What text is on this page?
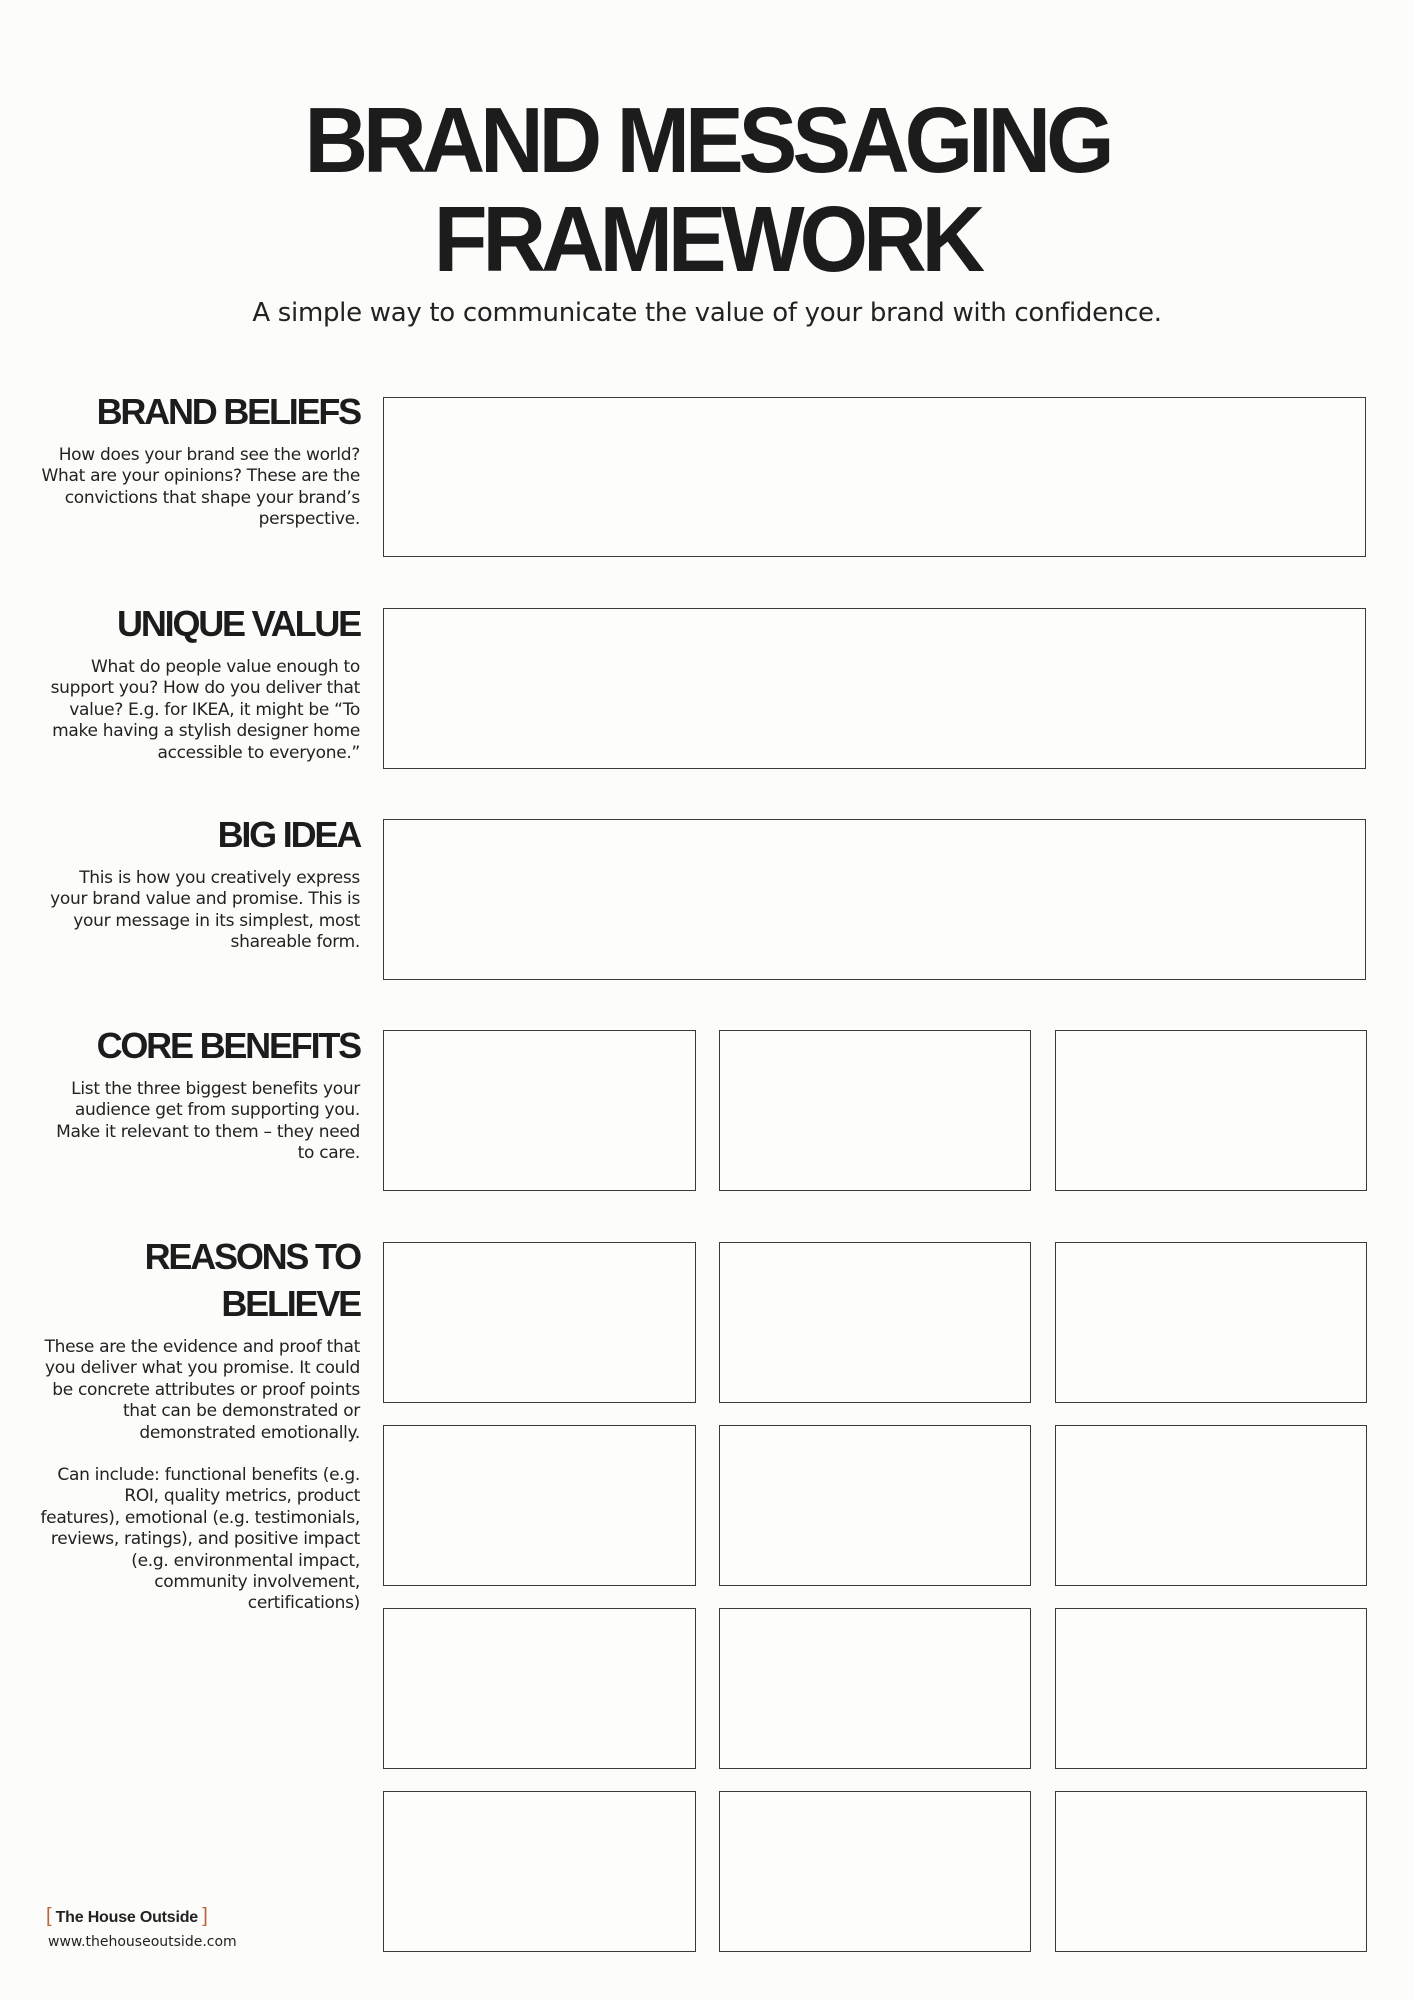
BRAND MESSAGING
FRAMEWORK
A simple way to communicate the value of your brand with confidence.
BRAND BELIEFS

How does your brand see the world? What are your opinions? These are the convictions that shape your brand’s perspective.

UNIQUE VALUE

What do people value enough to support you? How do you deliver that value? E.g. for IKEA, it might be “To make having a stylish designer home accessible to everyone.”

BIG IDEA

This is how you creatively express your brand value and promise. This is your message in its simplest, most shareable form.

CORE BENEFITS

List the three biggest benefits your audience get from supporting you. Make it relevant to them – they need to care.

REASONS TO
BELIEVE

These are the evidence and proof that you deliver what you promise. It could be concrete attributes or proof points that can be demonstrated or demonstrated emotionally.

Can include: functional benefits (e.g. ROI, quality metrics, product features), emotional (e.g. testimonials, reviews, ratings), and positive impact (e.g. environmental impact, community involvement, certifications)

[ The House Outside ]
www.thehouseoutside.com
